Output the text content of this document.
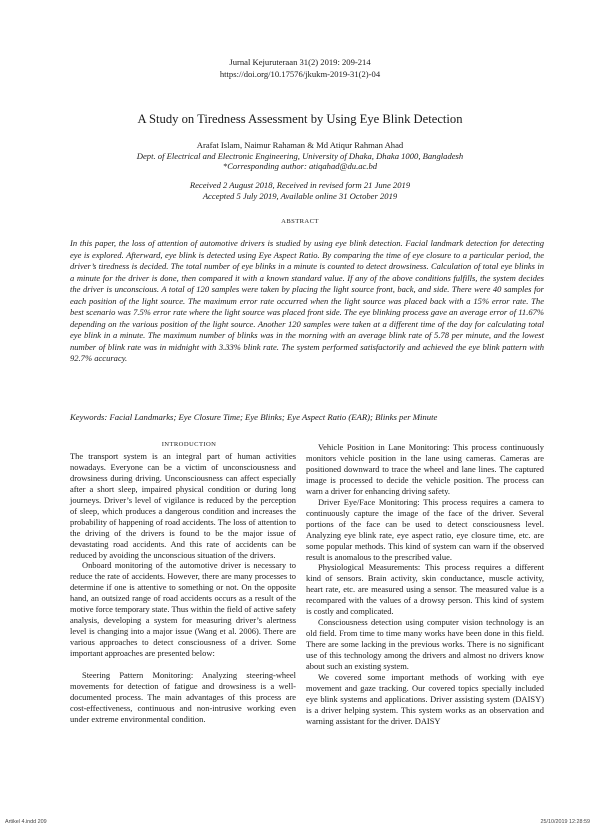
Jurnal Kejuruteraan 31(2) 2019: 209-214
https://doi.org/10.17576/jkukm-2019-31(2)-04
A Study on Tiredness Assessment by Using Eye Blink Detection
Arafat Islam, Naimur Rahaman & Md Atiqur Rahman Ahad
Dept. of Electrical and Electronic Engineering, University of Dhaka, Dhaka 1000, Bangladesh
*Corresponding author: atiqahad@du.ac.bd
Received 2 August 2018, Received in revised form 21 June 2019
Accepted 5 July 2019, Available online 31 October 2019
ABSTRACT
In this paper, the loss of attention of automotive drivers is studied by using eye blink detection. Facial landmark detection for detecting eye is explored. Afterward, eye blink is detected using Eye Aspect Ratio. By comparing the time of eye closure to a particular period, the driver’s tiredness is decided. The total number of eye blinks in a minute is counted to detect drowsiness. Calculation of total eye blinks in a minute for the driver is done, then compared it with a known standard value. If any of the above conditions fulfills, the system decides the driver is unconscious. A total of 120 samples were taken by placing the light source front, back, and side. There were 40 samples for each position of the light source. The maximum error rate occurred when the light source was placed back with a 15% error rate. The best scenario was 7.5% error rate where the light source was placed front side. The eye blinking process gave an average error of 11.67% depending on the various position of the light source. Another 120 samples were taken at a different time of the day for calculating total eye blink in a minute. The maximum number of blinks was in the morning with an average blink rate of 5.78 per minute, and the lowest number of blink rate was in midnight with 3.33% blink rate. The system performed satisfactorily and achieved the eye blink pattern with 92.7% accuracy.
Keywords: Facial Landmarks; Eye Closure Time; Eye Blinks; Eye Aspect Ratio (EAR); Blinks per Minute

INTRODUCTION

The transport system is an integral part of human activities nowadays. Everyone can be a victim of unconsciousness and drowsiness during driving. Unconsciousness can affect especially after a short sleep, impaired physical condition or during long journeys. Driver’s level of vigilance is reduced by the perception of sleep, which produces a dangerous condition and increases the probability of happening of road accidents. The loss of attention to the driving of the drivers is found to be the major issue of devastating road accidents. And this rate of accidents can be reduced by avoiding the unconscious situation of the drivers.

Onboard monitoring of the automotive driver is necessary to reduce the rate of accidents. However, there are many processes to determine if one is attentive to something or not. On the opposite hand, an outsized range of road accidents occurs as a result of the motive force temporary state. Thus within the field of active safety analysis, developing a system for measuring driver’s alertness level is changing into a major issue (Wang et al. 2006). There are various approaches to detect consciousness of a driver. Some important approaches are presented below:

Steering Pattern Monitoring: Analyzing steering-wheel movements for detection of fatigue and drowsiness is a well-documented process. The main advantages of this process are cost-effectiveness, continuous and non-intrusive working even under extreme environmental condition.

Vehicle Position in Lane Monitoring: This process continuously monitors vehicle position in the lane using cameras. Cameras are positioned downward to trace the wheel and lane lines. The captured image is processed to decide the vehicle position. The process can warn a driver for enhancing driving safety.

Driver Eye/Face Monitoring: This process requires a camera to continuously capture the image of the face of the driver. Several portions of the face can be used to detect consciousness level. Analyzing eye blink rate, eye aspect ratio, eye closure time, etc. are some popular methods. This kind of system can warn if the observed result is anomalous to the prescribed value.

Physiological Measurements: This process requires a different kind of sensors. Brain activity, skin conductance, muscle activity, heart rate, etc. are measured using a sensor. The measured value is a recompared with the values of a drowsy person. This kind of system is costly and complicated.

Consciousness detection using computer vision technology is an old field. From time to time many works have been done in this field. There are some lacking in the previous works. There is no significant use of this technology among the drivers and almost no drivers know about such an existing system.

We covered some important methods of working with eye movement and gaze tracking. Our covered topics specially included eye blink systems and applications. Driver assisting system (DAISY) is a driver helping system. This system works as an observation and warning assistant for the driver. DAISY

Artikel 4.indd 209	25/10/2019 12:28:59
